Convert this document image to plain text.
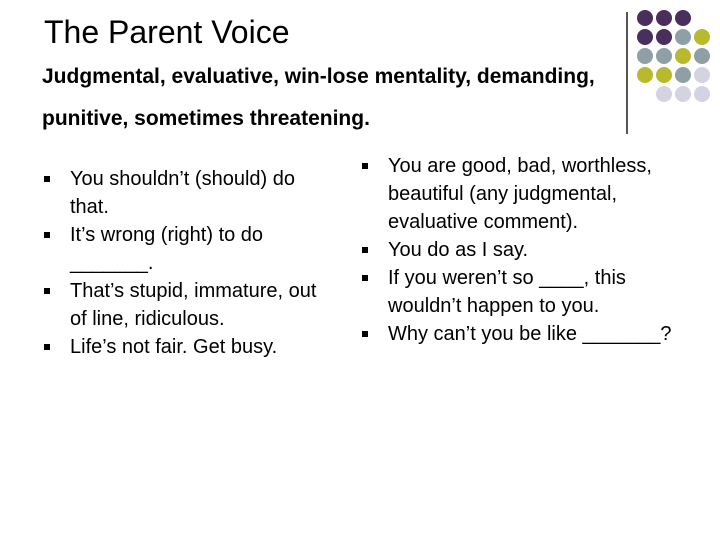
The Parent Voice

Judgmental, evaluative, win-lose mentality, demanding, punitive, sometimes threatening.

You shouldn’t (should) do that.
It’s wrong (right) to do _______.
That’s stupid, immature, out of line, ridiculous.
Life’s not fair. Get busy.
You are good, bad, worthless, beautiful (any judgmental, evaluative comment).
You do as I say.
If you weren’t so ____, this wouldn’t happen to you.
Why can’t you be like _______?
